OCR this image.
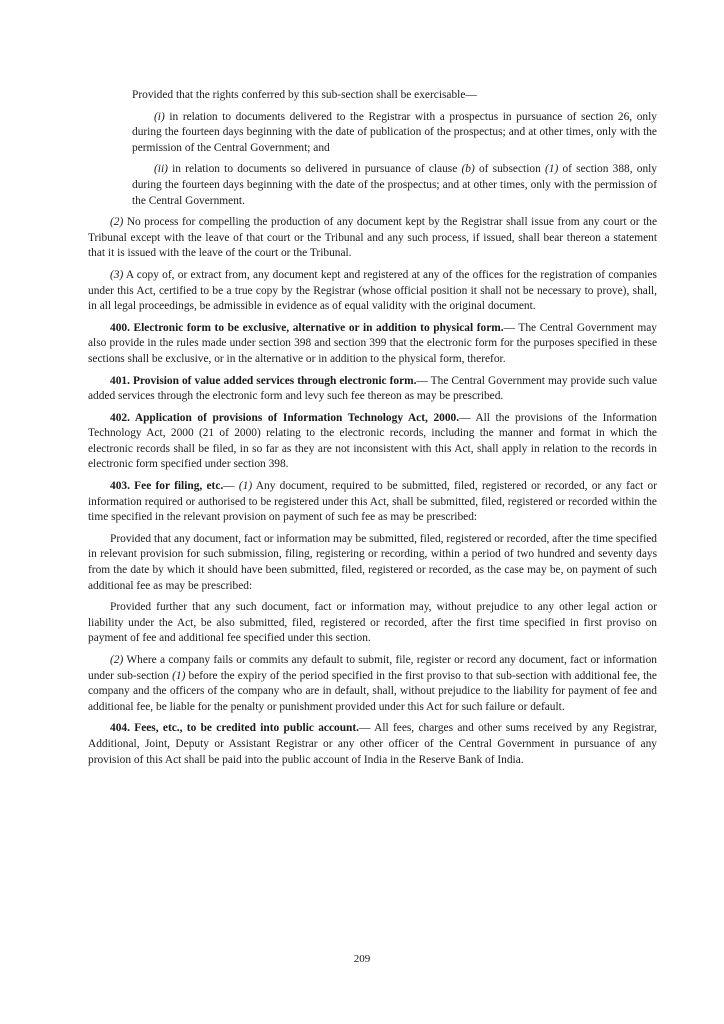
Provided that the rights conferred by this sub-section shall be exercisable—

(i) in relation to documents delivered to the Registrar with a prospectus in pursuance of section 26, only during the fourteen days beginning with the date of publication of the prospectus; and at other times, only with the permission of the Central Government; and

(ii) in relation to documents so delivered in pursuance of clause (b) of subsection (1) of section 388, only during the fourteen days beginning with the date of the prospectus; and at other times, only with the permission of the Central Government.

(2) No process for compelling the production of any document kept by the Registrar shall issue from any court or the Tribunal except with the leave of that court or the Tribunal and any such process, if issued, shall bear thereon a statement that it is issued with the leave of the court or the Tribunal.

(3) A copy of, or extract from, any document kept and registered at any of the offices for the registration of companies under this Act, certified to be a true copy by the Registrar (whose official position it shall not be necessary to prove), shall, in all legal proceedings, be admissible in evidence as of equal validity with the original document.

400. Electronic form to be exclusive, alternative or in addition to physical form.— The Central Government may also provide in the rules made under section 398 and section 399 that the electronic form for the purposes specified in these sections shall be exclusive, or in the alternative or in addition to the physical form, therefor.

401. Provision of value added services through electronic form.— The Central Government may provide such value added services through the electronic form and levy such fee thereon as may be prescribed.

402. Application of provisions of Information Technology Act, 2000.— All the provisions of the Information Technology Act, 2000 (21 of 2000) relating to the electronic records, including the manner and format in which the electronic records shall be filed, in so far as they are not inconsistent with this Act, shall apply in relation to the records in electronic form specified under section 398.

403. Fee for filing, etc.— (1) Any document, required to be submitted, filed, registered or recorded, or any fact or information required or authorised to be registered under this Act, shall be submitted, filed, registered or recorded within the time specified in the relevant provision on payment of such fee as may be prescribed:

Provided that any document, fact or information may be submitted, filed, registered or recorded, after the time specified in relevant provision for such submission, filing, registering or recording, within a period of two hundred and seventy days from the date by which it should have been submitted, filed, registered or recorded, as the case may be, on payment of such additional fee as may be prescribed:

Provided further that any such document, fact or information may, without prejudice to any other legal action or liability under the Act, be also submitted, filed, registered or recorded, after the first time specified in first proviso on payment of fee and additional fee specified under this section.

(2) Where a company fails or commits any default to submit, file, register or record any document, fact or information under sub-section (1) before the expiry of the period specified in the first proviso to that sub-section with additional fee, the company and the officers of the company who are in default, shall, without prejudice to the liability for payment of fee and additional fee, be liable for the penalty or punishment provided under this Act for such failure or default.

404. Fees, etc., to be credited into public account.— All fees, charges and other sums received by any Registrar, Additional, Joint, Deputy or Assistant Registrar or any other officer of the Central Government in pursuance of any provision of this Act shall be paid into the public account of India in the Reserve Bank of India.

209
